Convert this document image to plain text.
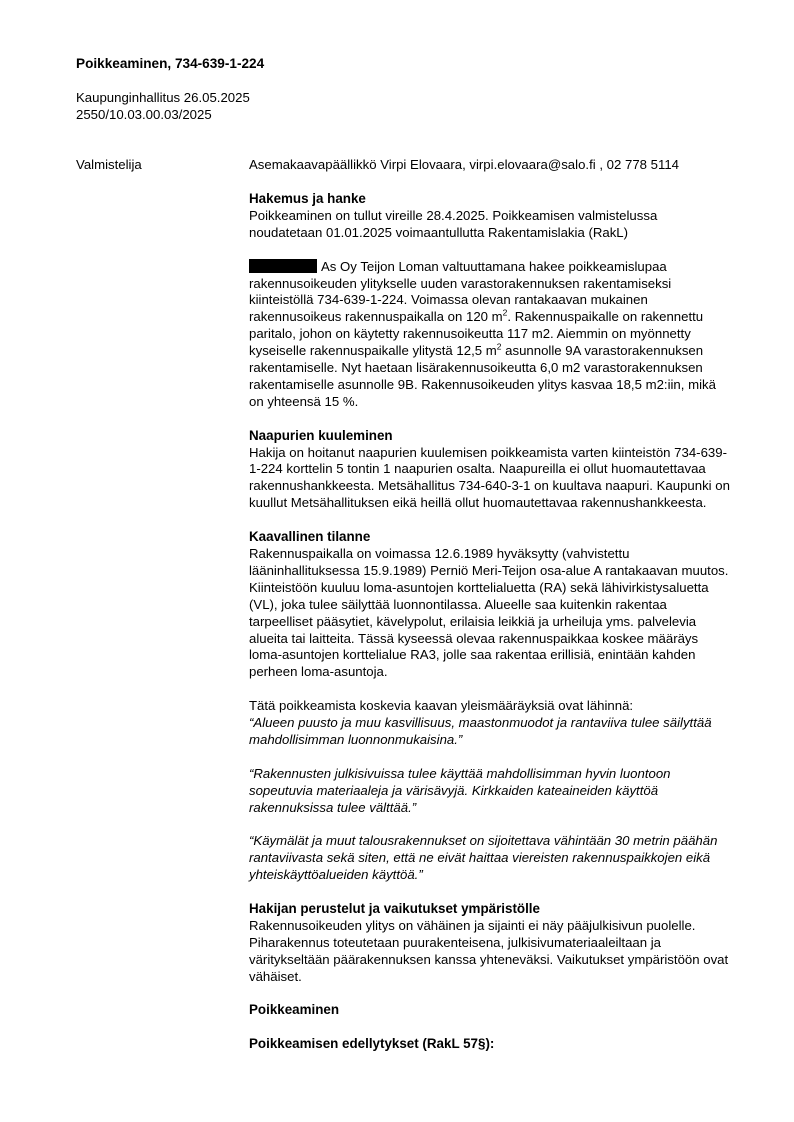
Poikkeaminen, 734-639-1-224
Kaupunginhallitus 26.05.2025
2550/10.03.00.03/2025
Valmistelija	Asemakaavapäällikkö Virpi Elovaara, virpi.elovaara@salo.fi , 02 778 5114
Hakemus ja hanke

Poikkeaminen on tullut vireille 28.4.2025. Poikkeamisen valmistelussa noudatetaan 01.01.2025 voimaantullutta Rakentamislakia (RakL)

As Oy Teijon Loman valtuuttamana hakee poikkeamislupaa rakennusoikeuden ylitykselle uuden varastorakennuksen rakentamiseksi kiinteistöllä 734-639-1-224. Voimassa olevan rantakaavan mukainen rakennusoikeus rakennuspaikalla on 120 $m^2$. Rakennuspaikalle on rakennettu paritalo, johon on käytetty rakennusoikeutta 117 m2. Aiemmin on myönnetty kyseiselle rakennuspaikalle ylitystä 12,5 $m^2$ asunnolle 9A varastorakennuksen rakentamiselle. Nyt haetaan lisärakennusoikeutta 6,0 m2 varastorakennuksen rakentamiselle asunnolle 9B. Rakennusoikeuden ylitys kasvaa 18,5 m2:iin, mikä on yhteensä 15 %.

Naapurien kuuleminen

Hakija on hoitanut naapurien kuulemisen poikkeamista varten kiinteistön 734-639-1-224 korttelin 5 tontin 1 naapurien osalta. Naapureilla ei ollut huomautettavaa rakennushankkeesta. Metsähallitus 734-640-3-1 on kuultava naapuri. Kaupunki on kuullut Metsähallituksen eikä heillä ollut huomautettavaa rakennushankkeesta.

Kaavallinen tilanne

Rakennuspaikalla on voimassa 12.6.1989 hyväksytty (vahvistettu lääninhallituksessa 15.9.1989) Perniö Meri-Teijon osa-alue A rantakaavan muutos. Kiinteistöön kuuluu loma-asuntojen korttelialuetta (RA) sekä lähivirkistysaluetta (VL), joka tulee säilyttää luonnontilassa. Alueelle saa kuitenkin rakentaa tarpeelliset pääsytiet, kävelypolut, erilaisia leikkiä ja urheiluja yms. palvelevia alueita tai laitteita. Tässä kyseessä olevaa rakennuspaikkaa koskee määräys loma-asuntojen korttelialue RA3, jolle saa rakentaa erillisiä, enintään kahden perheen loma-asuntoja.

Tätä poikkeamista koskevia kaavan yleismääräyksiä ovat lähinnä:

“Alueen puusto ja muu kasvillisuus, maastonmuodot ja rantaviiva tulee säilyttää mahdollisimman luonnonmukaisina.”

“Rakennusten julkisivuissa tulee käyttää mahdollisimman hyvin luontoon sopeutuvia materiaaleja ja värisävyjä. Kirkkaiden kateaineiden käyttöä rakennuksissa tulee välttää.”

“Käymälät ja muut talousrakennukset on sijoitettava vähintään 30 metrin päähän rantaviivasta sekä siten, että ne eivät haittaa viereisten rakennuspaikkojen eikä yhteiskäyttöalueiden käyttöä.”

Hakijan perustelut ja vaikutukset ympäristölle

Rakennusoikeuden ylitys on vähäinen ja sijainti ei näy pääjulkisivun puolelle. Piharakennus toteutetaan puurakenteisena, julkisivumateriaaleiltaan ja väritykseltään päärakennuksen kanssa yhteneväksi. Vaikutukset ympäristöön ovat vähäiset.

Poikkeaminen
Poikkeamisen edellytykset (RakL 57§):
